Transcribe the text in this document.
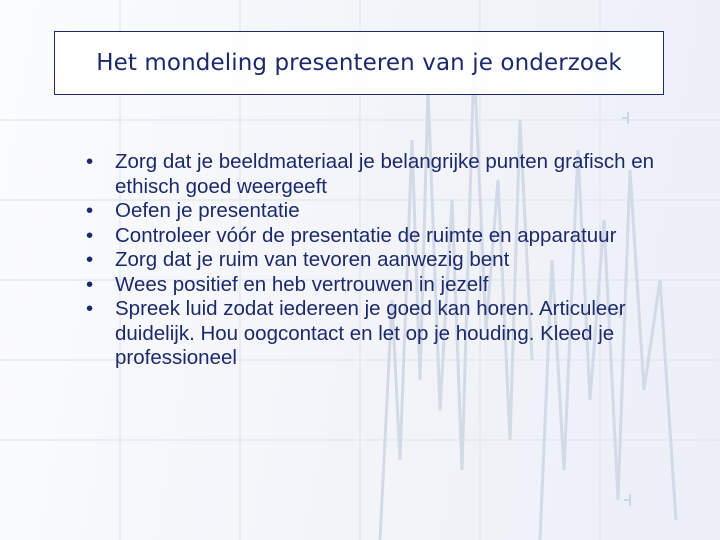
Het mondeling presenteren van je onderzoek
• Zorg dat je beeldmateriaal je belangrijke punten grafisch en ethisch goed weergeeft
• Oefen je presentatie
• Controleer vóór de presentatie de ruimte en apparatuur
• Zorg dat je ruim van tevoren aanwezig bent
• Wees positief en heb vertrouwen in jezelf
• Spreek luid zodat iedereen je goed kan horen. Articuleer duidelijk. Hou oogcontact en let op je houding. Kleed je professioneel
